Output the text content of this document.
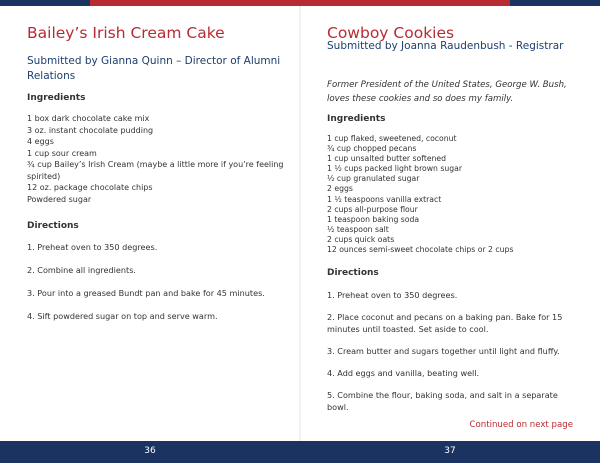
Bailey’s Irish Cream Cake
Submitted by Gianna Quinn – Director of Alumni Relations
Ingredients
1 box dark chocolate cake mix
3 oz. instant chocolate pudding
4 eggs
1 cup sour cream
¾ cup Bailey’s Irish Cream (maybe a little more if you’re feeling spirited)
12 oz. package chocolate chips
Powdered sugar
Directions
1. Preheat oven to 350 degrees.
2. Combine all ingredients.
3. Pour into a greased Bundt pan and bake for 45 minutes.
4. Sift powdered sugar on top and serve warm.
Cowboy Cookies
Submitted by Joanna Raudenbush - Registrar
Former President of the United States, George W. Bush, loves these cookies and so does my family.
Ingredients
1 cup flaked, sweetened, coconut
¾ cup chopped pecans
1 cup unsalted butter softened
1 ½ cups packed light brown sugar
½ cup granulated sugar
2 eggs
1 ½ teaspoons vanilla extract
2 cups all-purpose flour
1 teaspoon baking soda
½ teaspoon salt
2 cups quick oats
12 ounces semi-sweet chocolate chips or 2 cups
Directions
1. Preheat oven to 350 degrees.
2. Place coconut and pecans on a baking pan. Bake for 15 minutes until toasted. Set aside to cool.
3. Cream butter and sugars together until light and fluffy.
4. Add eggs and vanilla, beating well.
5. Combine the flour, baking soda, and salt in a separate bowl.
Continued on next page
36	37
